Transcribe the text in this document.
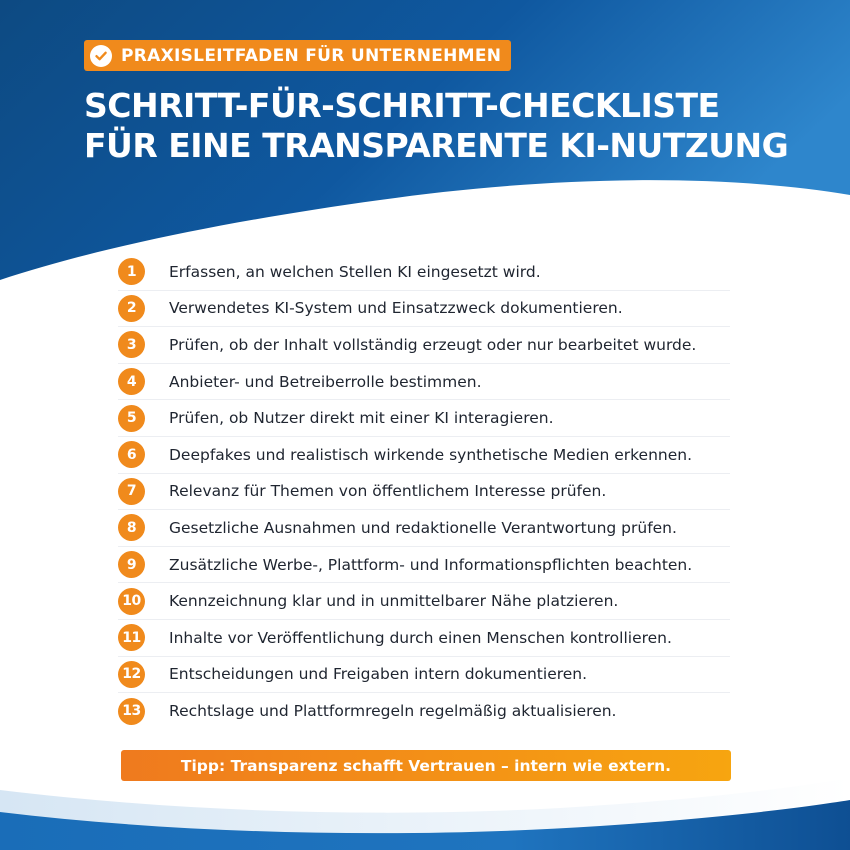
PRAXISLEITFADEN FÜR UNTERNEHMEN
SCHRITT-FÜR-SCHRITT-CHECKLISTE
FÜR EINE TRANSPARENTE KI-NUTZUNG
1	Erfassen, an welchen Stellen KI eingesetzt wird.
2	Verwendetes KI-System und Einsatzzweck dokumentieren.
3	Prüfen, ob der Inhalt vollständig erzeugt oder nur bearbeitet wurde.
4	Anbieter- und Betreiberrolle bestimmen.
5	Prüfen, ob Nutzer direkt mit einer KI interagieren.
6	Deepfakes und realistisch wirkende synthetische Medien erkennen.
7	Relevanz für Themen von öffentlichem Interesse prüfen.
8	Gesetzliche Ausnahmen und redaktionelle Verantwortung prüfen.
9	Zusätzliche Werbe-, Plattform- und Informationspflichten beachten.
10 Kennzeichnung klar und in unmittelbarer Nähe platzieren.
11 Inhalte vor Veröffentlichung durch einen Menschen kontrollieren.
12 Entscheidungen und Freigaben intern dokumentieren.
13 Rechtslage und Plattformregeln regelmäßig aktualisieren.
Tipp: Transparenz schafft Vertrauen – intern wie extern.
